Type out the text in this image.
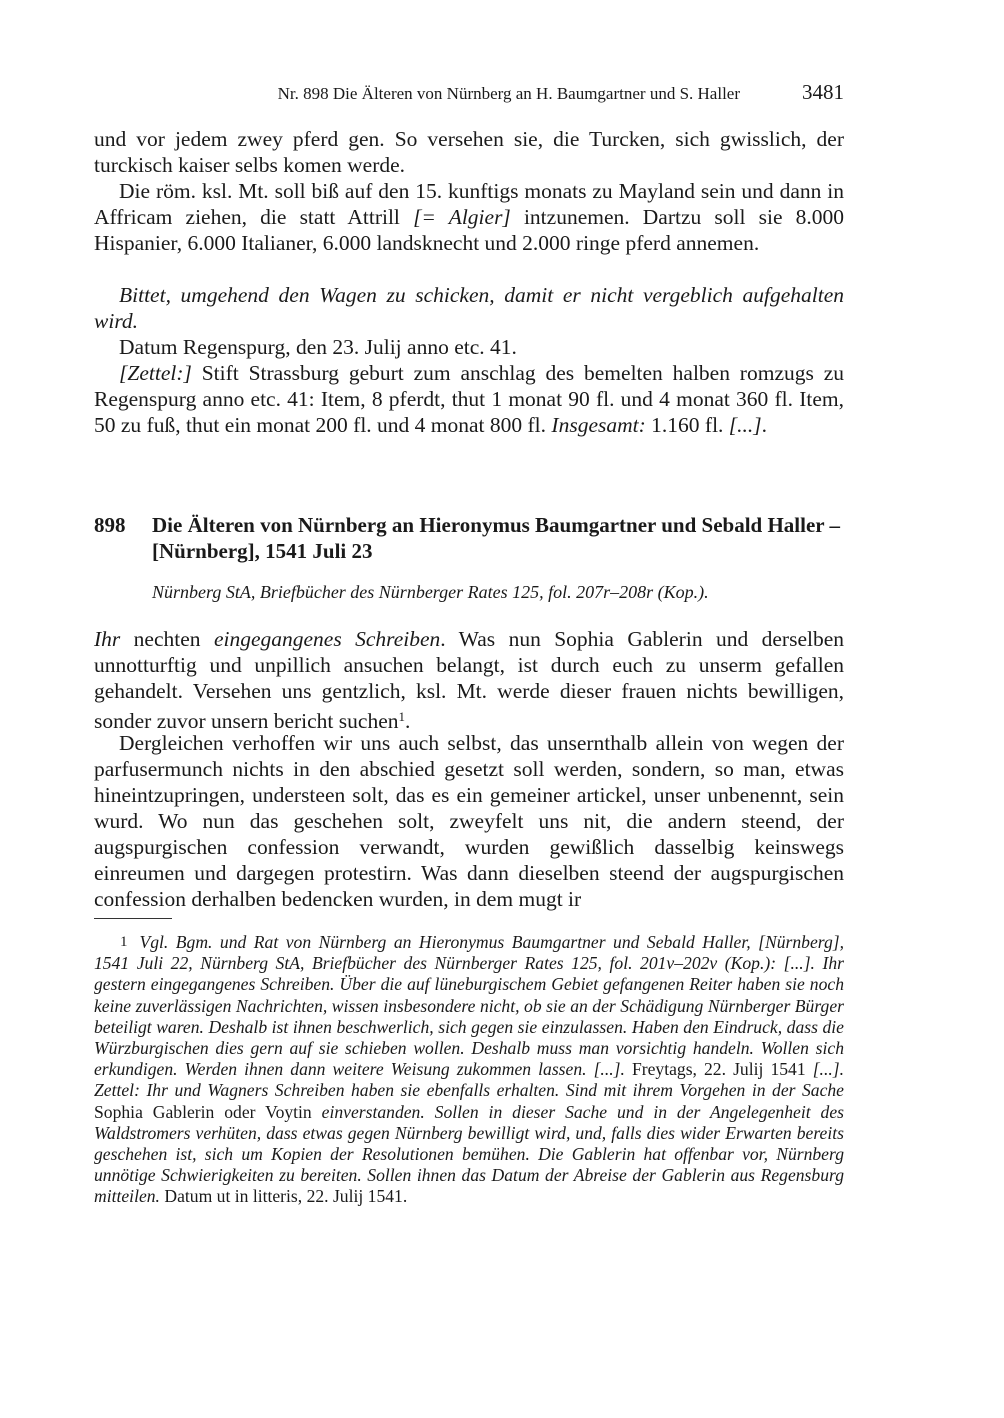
Nr. 898 Die Älteren von Nürnberg an H. Baumgartner und S. Haller	3481

und vor jedem zwey pferd gen. So versehen sie, die Turcken, sich gwisslich, der turckisch kaiser selbs komen werde.

Die röm. ksl. Mt. soll biß auf den 15. kunftigs monats zu Mayland sein und dann in Affricam ziehen, die statt Attrill [= Algier] intzunemen. Dartzu soll sie 8.000 Hispanier, 6.000 Italianer, 6.000 landsknecht und 2.000 ringe pferd annemen.

Bittet, umgehend den Wagen zu schicken, damit er nicht vergeblich aufgehalten wird.

Datum Regenspurg, den 23. Julij anno etc. 41.

[Zettel:] Stift Strassburg geburt zum anschlag des bemelten halben romzugs zu Regenspurg anno etc. 41: Item, 8 pferdt, thut 1 monat 90 fl. und 4 monat 360 fl. Item, 50 zu fuß, thut ein monat 200 fl. und 4 monat 800 fl. Insgesamt: 1.160 fl. [...].

898 Die Älteren von Nürnberg an Hieronymus Baumgartner und Sebald Haller – [Nürnberg], 1541 Juli 23
Nürnberg StA, Briefbücher des Nürnberger Rates 125, fol. 207r–208r (Kop.).

Ihr nechten eingegangenes Schreiben. Was nun Sophia Gablerin und derselben unnotturftig und unpillich ansuchen belangt, ist durch euch zu unserm gefallen gehandelt. Versehen uns gentzlich, ksl. Mt. werde dieser frauen nichts bewilligen, sonder zuvor unsern bericht suchen$^1$.

Dergleichen verhoffen wir uns auch selbst, das unsernthalb allein von wegen der parfusermunch nichts in den abschied gesetzt soll werden, sondern, so man, etwas hineintzupringen, understeen solt, das es ein gemeiner artickel, unser unbenennt, sein wurd. Wo nun das geschehen solt, zweyfelt uns nit, die andern steend, der augspurgischen confession verwandt, wurden gewißlich dasselbig keinswegs einreumen und dargegen protestirn. Was dann dieselben steend der augspurgischen confession derhalben bedencken wurden, in dem mugt ir

1 Vgl. Bgm. und Rat von Nürnberg an Hieronymus Baumgartner und Sebald Haller, [Nürnberg], 1541 Juli 22, Nürnberg StA, Briefbücher des Nürnberger Rates 125, fol. 201v–202v (Kop.): [...]. Ihr gestern eingegangenes Schreiben. Über die auf lüneburgischem Gebiet gefangenen Reiter haben sie noch keine zuverlässigen Nachrichten, wissen insbesondere nicht, ob sie an der Schädigung Nürnberger Bürger beteiligt waren. Deshalb ist ihnen beschwerlich, sich gegen sie einzulassen. Haben den Eindruck, dass die Würzburgischen dies gern auf sie schieben wollen. Deshalb muss man vorsichtig handeln. Wollen sich erkundigen. Werden ihnen dann weitere Weisung zukommen lassen. [...]. Freytags, 22. Julij 1541 [...]. Zettel: Ihr und Wagners Schreiben haben sie ebenfalls erhalten. Sind mit ihrem Vorgehen in der Sache Sophia Gablerin oder Voytin einverstanden. Sollen in dieser Sache und in der Angelegenheit des Waldstromers verhüten, dass etwas gegen Nürnberg bewilligt wird, und, falls dies wider Erwarten bereits geschehen ist, sich um Kopien der Resolutionen bemühen. Die Gablerin hat offenbar vor, Nürnberg unnötige Schwierigkeiten zu bereiten. Sollen ihnen das Datum der Abreise der Gablerin aus Regensburg mitteilen. Datum ut in litteris, 22. Julij 1541.
